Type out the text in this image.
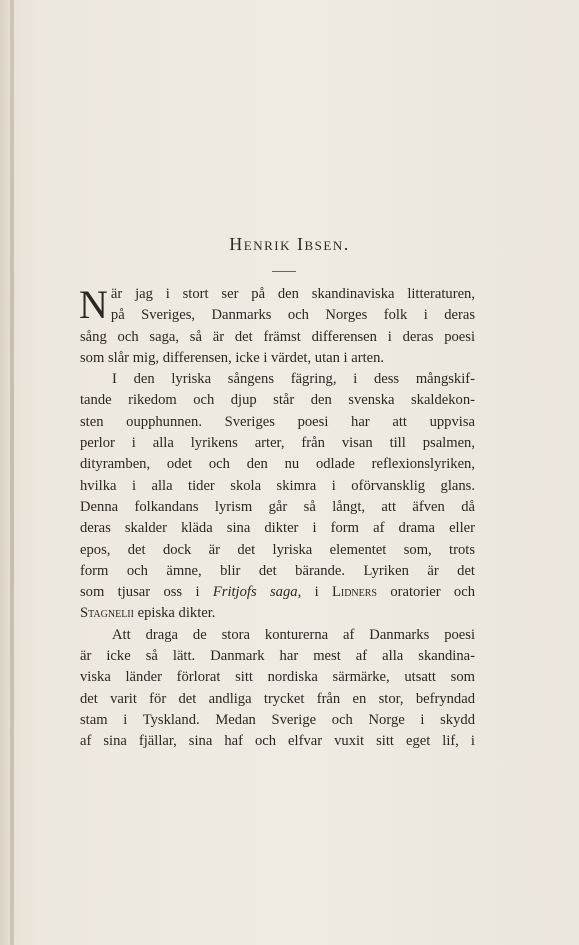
Henrik Ibsen.
N är jag i stort ser på den skandinaviska litteraturen,
på Sveriges, Danmarks och Norges folk i deras
sång och saga, så är det främst differensen i deras poesi
som slår mig, differensen, icke i värdet, utan i arten.
I den lyriska sångens fägring, i dess mångskif-
tande rikedom och djup står den svenska skaldekon-
sten oupphunnen. Sveriges poesi har att uppvisa
perlor i alla lyrikens arter, från visan till psalmen,
dityramben, odet och den nu odlade reflexionslyriken,
hvilka i alla tider skola skimra i oförvansklig glans.
Denna folkandans lyrism går så långt, att äfven då
deras skalder kläda sina dikter i form af drama eller
epos, det dock är det lyriska elementet som, trots
form och ämne, blir det bärande. Lyriken är det
som tjusar oss i Fritjofs saga, i Lidners oratorier och
Stagnelii episka dikter.
Att draga de stora konturerna af Danmarks poesi
är icke så lätt. Danmark har mest af alla skandina-
viska länder förlorat sitt nordiska särmärke, utsatt som
det varit för det andliga trycket från en stor, befryndad
stam i Tyskland. Medan Sverige och Norge i skydd
af sina fjällar, sina haf och elfvar vuxit sitt eget lif, i
